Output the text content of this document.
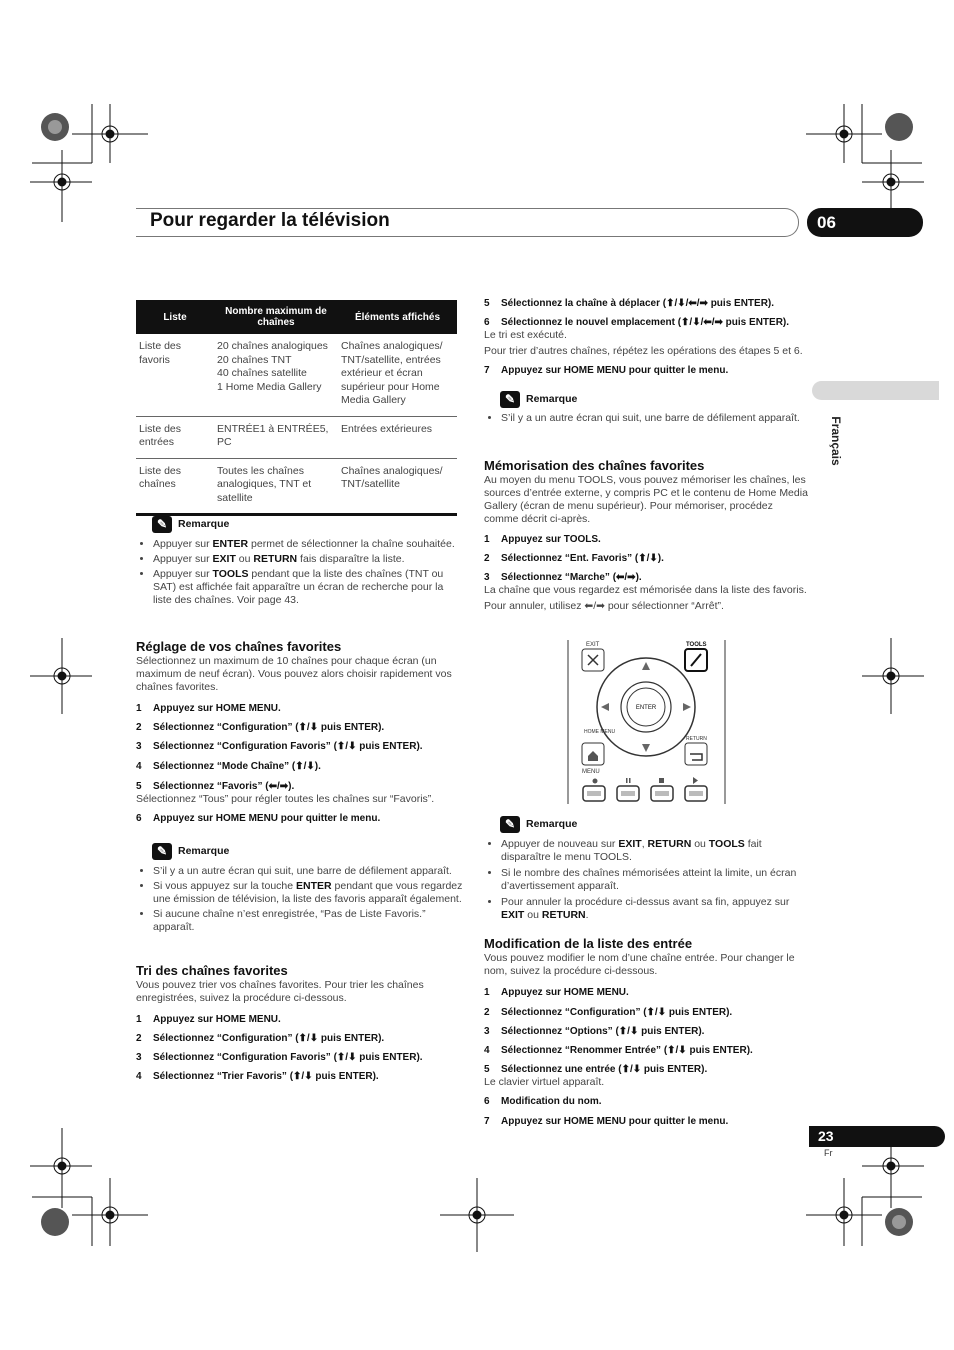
Pour regarder la télévision	06
Français
Liste	Nombre maximum de chaînes	Éléments affichés
Liste des favoris	20 chaînes analogiques
20 chaînes TNT
40 chaînes satellite
1 Home Media Gallery	Chaînes analogiques/ TNT/satellite, entrées extérieur et écran supérieur pour Home Media Gallery
Liste des entrées	ENTRÉE1 à ENTRÉE5, PC	Entrées extérieures
Liste des chaînes	Toutes les chaînes analogiques, TNT et satellite	Chaînes analogiques/ TNT/satellite
✎	Remarque
• Appuyer sur ENTER permet de sélectionner la chaîne souhaitée.
• Appuyer sur EXIT ou RETURN fais disparaître la liste.
• Appuyer sur TOOLS pendant que la liste des chaînes (TNT ou SAT) est affichée fait apparaître un écran de recherche pour la liste des chaînes. Voir page 43.

Réglage de vos chaînes favorites

Sélectionnez un maximum de 10 chaînes pour chaque écran (un maximum de neuf écran). Vous pouvez alors choisir rapidement vos chaînes favorites.

1 Appuyez sur HOME MENU.
2 Sélectionnez “Configuration” (⬆/⬇ puis ENTER).
3 Sélectionnez “Configuration Favoris” (⬆/⬇ puis ENTER).
4 Sélectionnez “Mode Chaîne” (⬆/⬇).
5 Sélectionnez “Favoris” (⬅/➡).

Sélectionnez “Tous” pour régler toutes les chaînes sur “Favoris”.

6 Appuyez sur HOME MENU pour quitter le menu.
✎	Remarque
• S’il y a un autre écran qui suit, une barre de défilement apparaît.
• Si vous appuyez sur la touche ENTER pendant que vous regardez une émission de télévision, la liste des favoris apparaît également.
• Si aucune chaîne n’est enregistrée, “Pas de Liste Favoris.” apparaît.

Tri des chaînes favorites

Vous pouvez trier vos chaînes favorites. Pour trier les chaînes enregistrées, suivez la procédure ci-dessous.

1 Appuyez sur HOME MENU.
2 Sélectionnez “Configuration” (⬆/⬇ puis ENTER).
3 Sélectionnez “Configuration Favoris” (⬆/⬇ puis ENTER).
4 Sélectionnez “Trier Favoris” (⬆/⬇ puis ENTER).
5 Sélectionnez la chaîne à déplacer (⬆/⬇/⬅/➡ puis ENTER).
6 Sélectionnez le nouvel emplacement (⬆/⬇/⬅/➡ puis ENTER).

Le tri est exécuté.

Pour trier d’autres chaînes, répétez les opérations des étapes 5 et 6.

7 Appuyez sur HOME MENU pour quitter le menu.
✎	Remarque
• S’il y a un autre écran qui suit, une barre de défilement apparaît.

Mémorisation des chaînes favorites

Au moyen du menu TOOLS, vous pouvez mémoriser les chaînes, les sources d’entrée externe, y compris PC et le contenu de Home Media Gallery (écran de menu supérieur). Pour mémoriser, procédez comme décrit ci-après.

1 Appuyez sur TOOLS.
2 Sélectionnez “Ent. Favoris” (⬆/⬇).
3 Sélectionnez “Marche” (⬅/➡).

La chaîne que vous regardez est mémorisée dans la liste des favoris.

Pour annuler, utilisez ⬅/➡ pour sélectionner “Arrêt”.

EXIT	TOOLS
ENTER
HOME MENU
RETURN
MENU
✎	Remarque
• Appuyer de nouveau sur EXIT, RETURN ou TOOLS fait disparaître le menu TOOLS.
• Si le nombre des chaînes mémorisées atteint la limite, un écran d’avertissement apparaît.
• Pour annuler la procédure ci-dessus avant sa fin, appuyez sur EXIT ou RETURN.

Modification de la liste des entrée

Vous pouvez modifier le nom d’une chaîne entrée. Pour changer le nom, suivez la procédure ci-dessous.

1 Appuyez sur HOME MENU.
2 Sélectionnez “Configuration” (⬆/⬇ puis ENTER).
3 Sélectionnez “Options” (⬆/⬇ puis ENTER).
4 Sélectionnez “Renommer Entrée” (⬆/⬇ puis ENTER).
5 Sélectionnez une entrée (⬆/⬇ puis ENTER).

Le clavier virtuel apparaît.

6 Modification du nom.
7 Appuyez sur HOME MENU pour quitter le menu.
23
Fr
